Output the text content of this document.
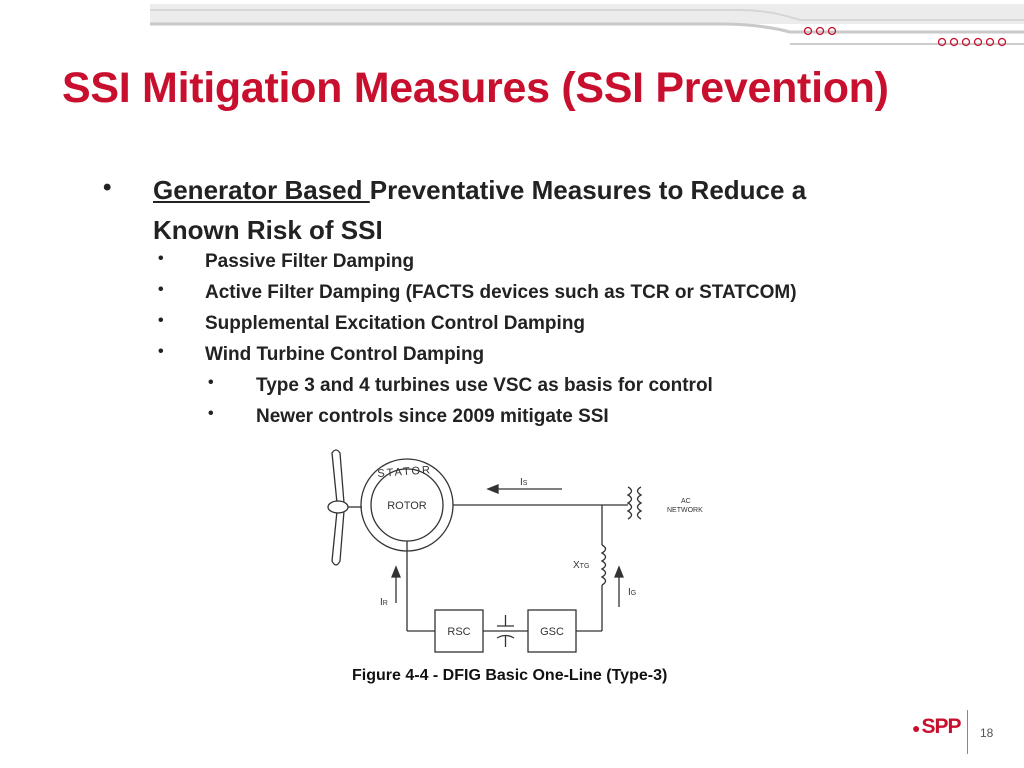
SSI Mitigation Measures (SSI Prevention)
• Generator Based Preventative Measures to Reduce a Known Risk of SSI
• Passive Filter Damping
• Active Filter Damping (FACTS devices such as TCR or STATCOM)
• Supplemental Excitation Control Damping
• Wind Turbine Control Damping
• Type 3 and 4 turbines use VSC as basis for control
• Newer controls since 2009 mitigate SSI
STATOR
ROTOR
IS
IR
IG
XTG
AC
NETWORK
RSC	GSC
Figure 4-4 - DFIG Basic One-Line (Type-3)
●SPP 18
